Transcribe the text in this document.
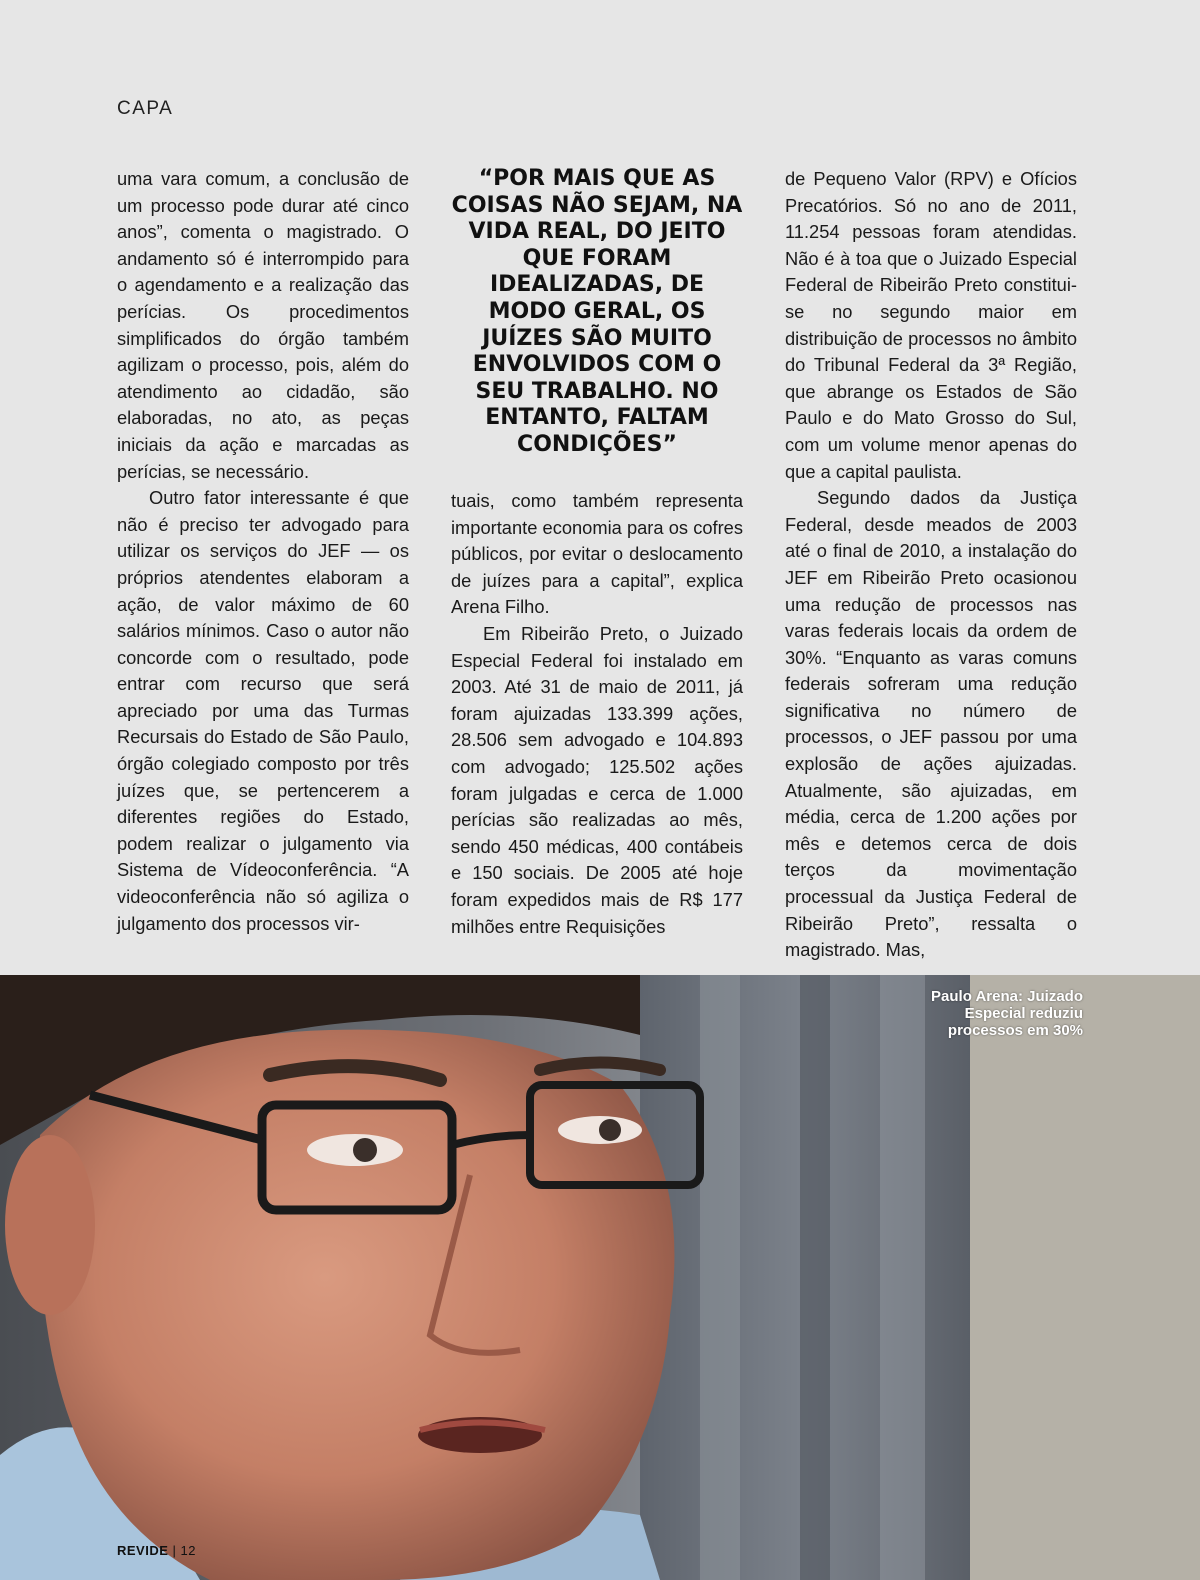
CAPA

uma vara comum, a conclusão de um processo pode durar até cinco anos”, comenta o magistrado. O andamento só é interrompido para o agendamento e a realização das perícias. Os procedimentos simplificados do órgão também agilizam o processo, pois, além do atendimento ao cidadão, são elaboradas, no ato, as peças iniciais da ação e marcadas as perícias, se necessário.

Outro fator interessante é que não é preciso ter advogado para utilizar os serviços do JEF — os próprios atendentes elaboram a ação, de valor máximo de 60 salários mínimos. Caso o autor não concorde com o resultado, pode entrar com recurso que será apreciado por uma das Turmas Recursais do Estado de São Paulo, órgão colegiado composto por três juízes que, se pertencerem a diferentes regiões do Estado, podem realizar o julgamento via Sistema de Vídeoconferência. “A videoconferência não só agiliza o julgamento dos processos vir-

“POR MAIS QUE AS COISAS NÃO SEJAM, NA VIDA REAL, DO JEITO QUE FORAM IDEALIZADAS, DE MODO GERAL, OS JUÍZES SÃO MUITO ENVOLVIDOS COM O SEU TRABALHO. NO ENTANTO, FALTAM CONDIÇÕES”

tuais, como também representa importante economia para os cofres públicos, por evitar o deslocamento de juízes para a capital”, explica Arena Filho.

Em Ribeirão Preto, o Juizado Especial Federal foi instalado em 2003. Até 31 de maio de 2011, já foram ajuizadas 133.399 ações, 28.506 sem advogado e 104.893 com advogado; 125.502 ações foram julgadas e cerca de 1.000 perícias são realizadas ao mês, sendo 450 médicas, 400 contábeis e 150 sociais. De 2005 até hoje foram expedidos mais de R$ 177 milhões entre Requisições

de Pequeno Valor (RPV) e Ofícios Precatórios. Só no ano de 2011, 11.254 pessoas foram atendidas. Não é à toa que o Juizado Especial Federal de Ribeirão Preto constitui-se no segundo maior em distribuição de processos no âmbito do Tribunal Federal da 3ª Região, que abrange os Estados de São Paulo e do Mato Grosso do Sul, com um volume menor apenas do que a capital paulista.

Segundo dados da Justiça Federal, desde meados de 2003 até o final de 2010, a instalação do JEF em Ribeirão Preto ocasionou uma redução de processos nas varas federais locais da ordem de 30%. “Enquanto as varas comuns federais sofreram uma redução significativa no número de processos, o JEF passou por uma explosão de ações ajuizadas. Atualmente, são ajuizadas, em média, cerca de 1.200 ações por mês e detemos cerca de dois terços da movimentação processual da Justiça Federal de Ribeirão Preto”, ressalta o magistrado. Mas,

Paulo Arena: Juizado Especial reduziu processos em 30%
REVIDE | 12
